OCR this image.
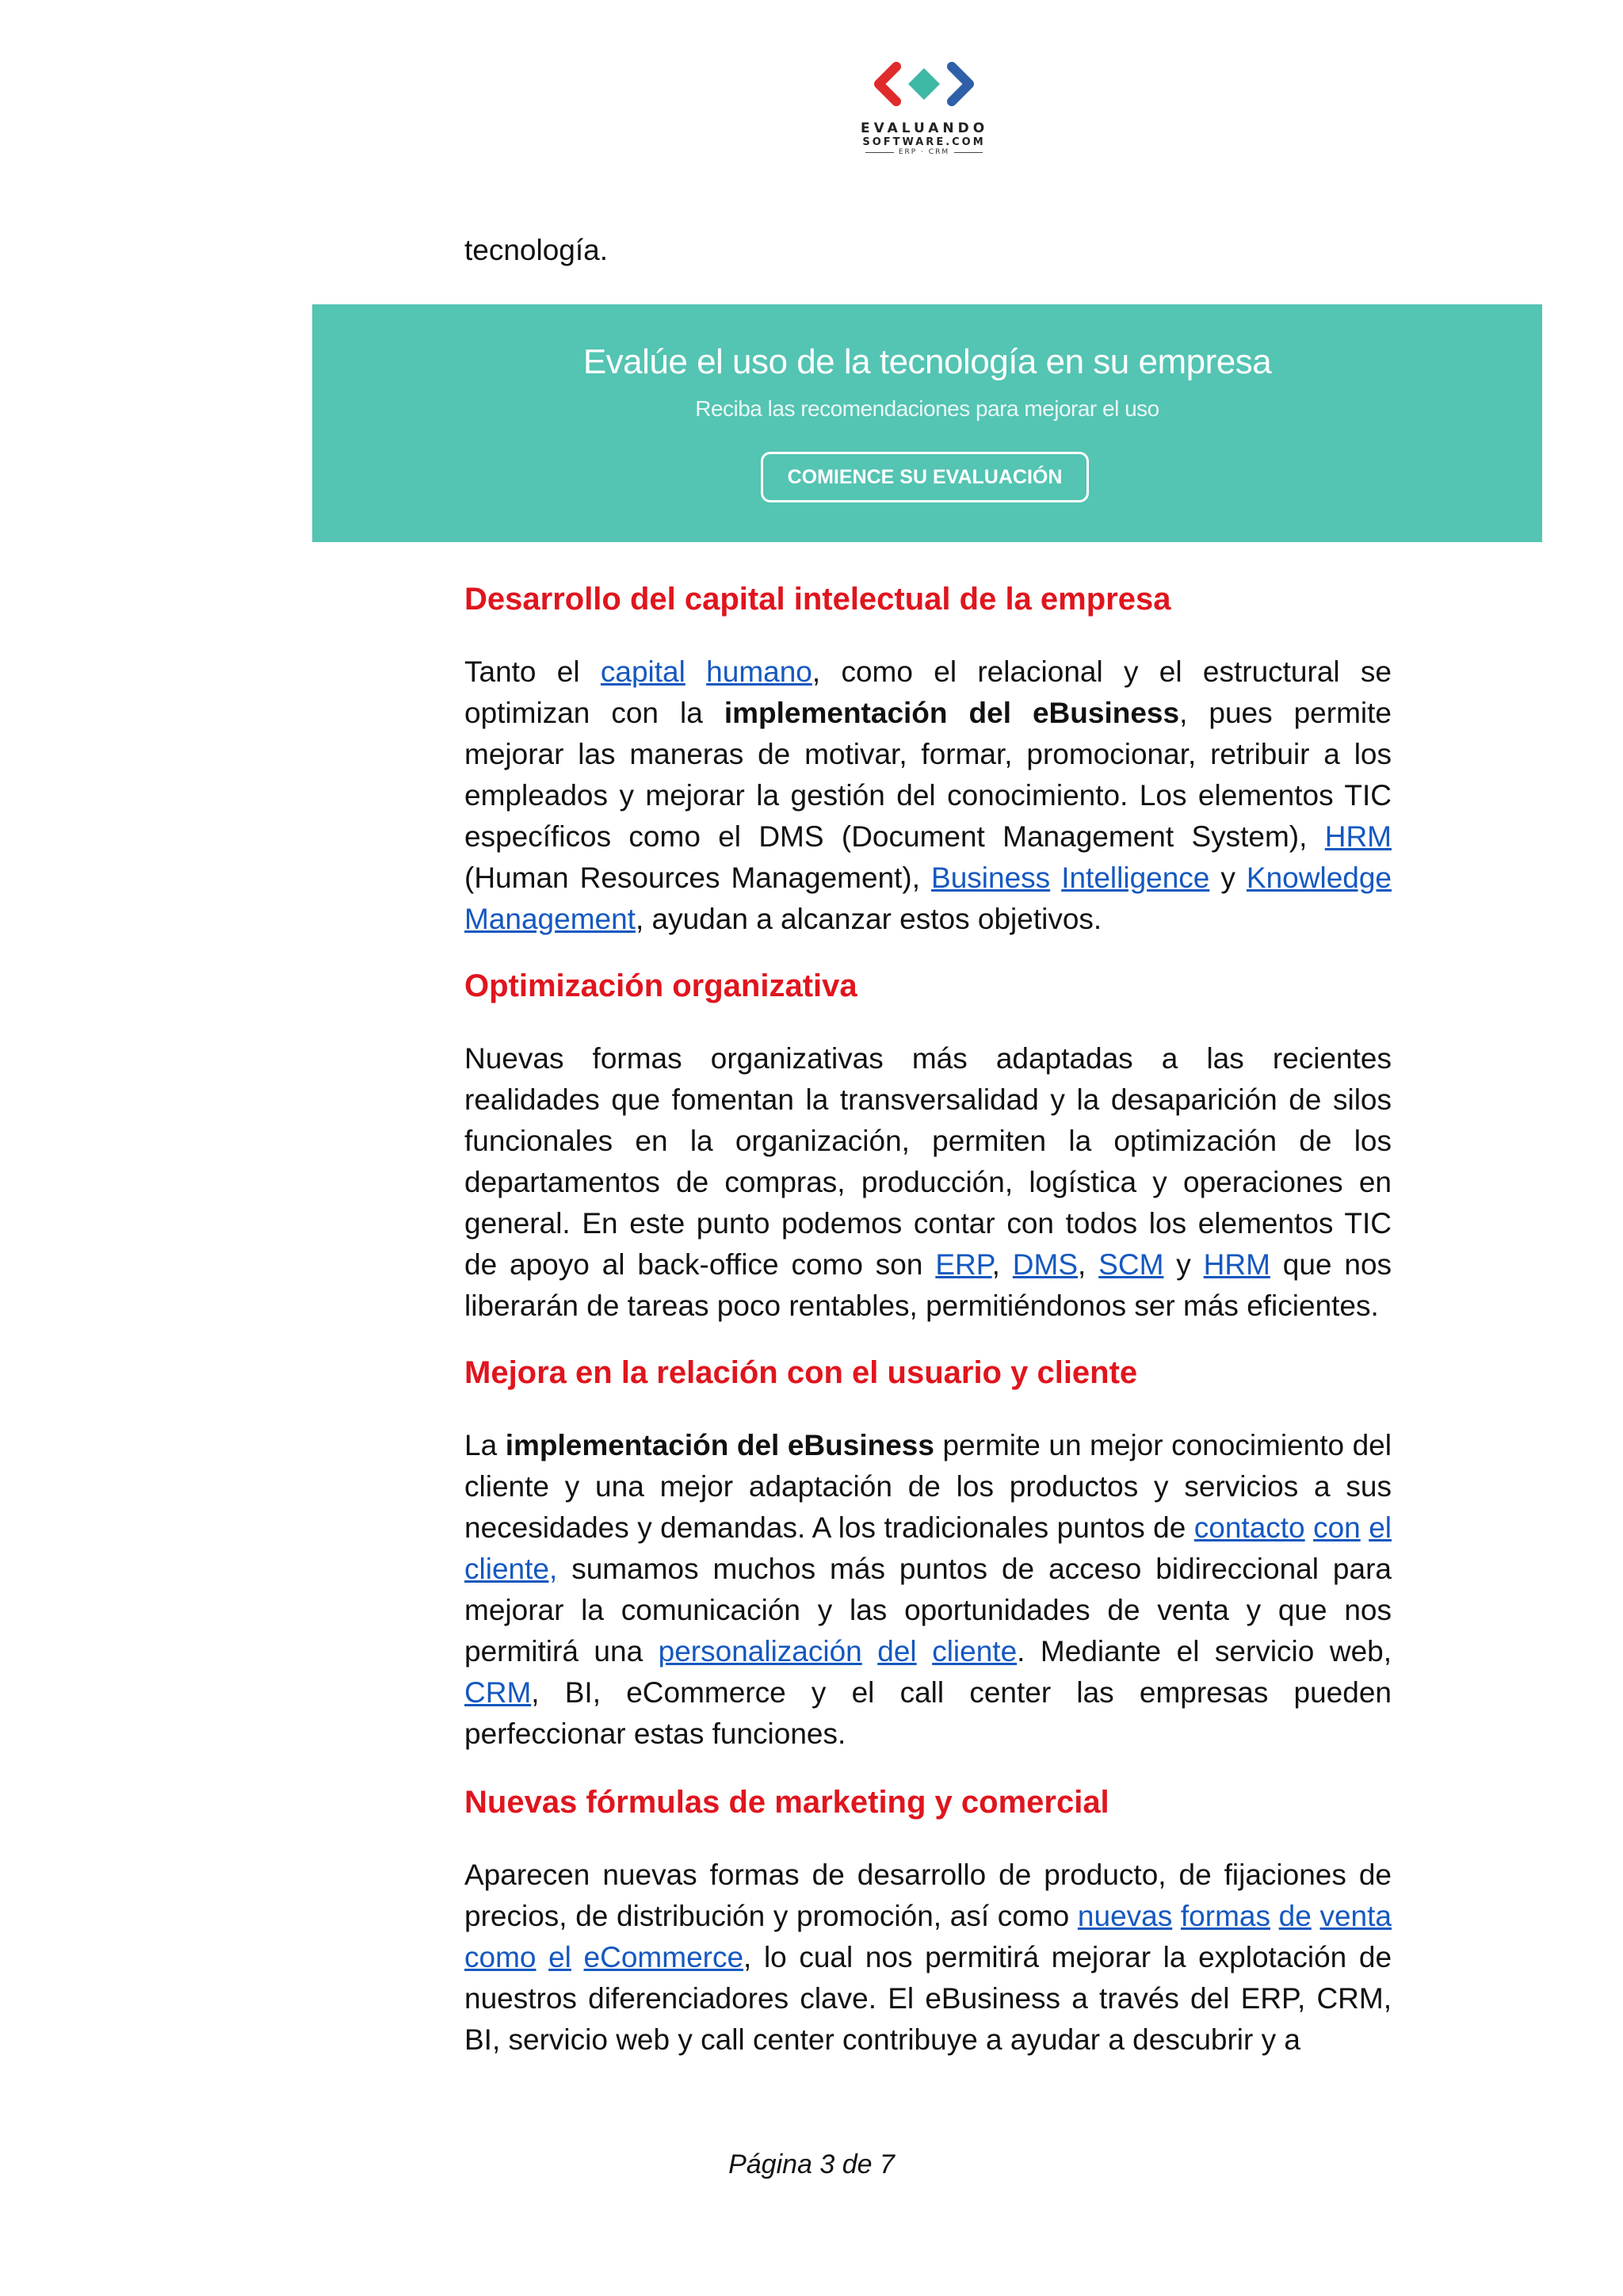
EVALUANDO
SOFTWARE.COM
ERP · CRM
tecnología.
Evalúe el uso de la tecnología en su empresa
Reciba las recomendaciones para mejorar el uso
COMIENCE SU EVALUACIÓN
Desarrollo del capital intelectual de la empresa

Tanto el capital humano, como el relacional y el estructural se optimizan con la implementación del eBusiness, pues permite mejorar las maneras de motivar, formar, promocionar, retribuir a los empleados y mejorar la gestión del conocimiento. Los elementos TIC específicos como el DMS (Document Management System), HRM (Human Resources Management), Business Intelligence y Knowledge Management, ayudan a alcanzar estos objetivos.

Optimización organizativa

Nuevas formas organizativas más adaptadas a las recientes realidades que fomentan la transversalidad y la desaparición de silos funcionales en la organización, permiten la optimización de los departamentos de compras, producción, logística y operaciones en general. En este punto podemos contar con todos los elementos TIC de apoyo al back-office como son ERP, DMS, SCM y HRM que nos liberarán de tareas poco rentables, permitiéndonos ser más eficientes.

Mejora en la relación con el usuario y cliente

La implementación del eBusiness permite un mejor conocimiento del cliente y una mejor adaptación de los productos y servicios a sus necesidades y demandas. A los tradicionales puntos de contacto con el cliente, sumamos muchos más puntos de acceso bidireccional para mejorar la comunicación y las oportunidades de venta y que nos permitirá una personalización del cliente. Mediante el servicio web, CRM, BI, eCommerce y el call center las empresas pueden perfeccionar estas funciones.

Nuevas fórmulas de marketing y comercial

Aparecen nuevas formas de desarrollo de producto, de fijaciones de precios, de distribución y promoción, así como nuevas formas de venta como el eCommerce, lo cual nos permitirá mejorar la explotación de nuestros diferenciadores clave. El eBusiness a través del ERP, CRM, BI, servicio web y call center contribuye a ayudar a descubrir y a

Página 3 de 7
